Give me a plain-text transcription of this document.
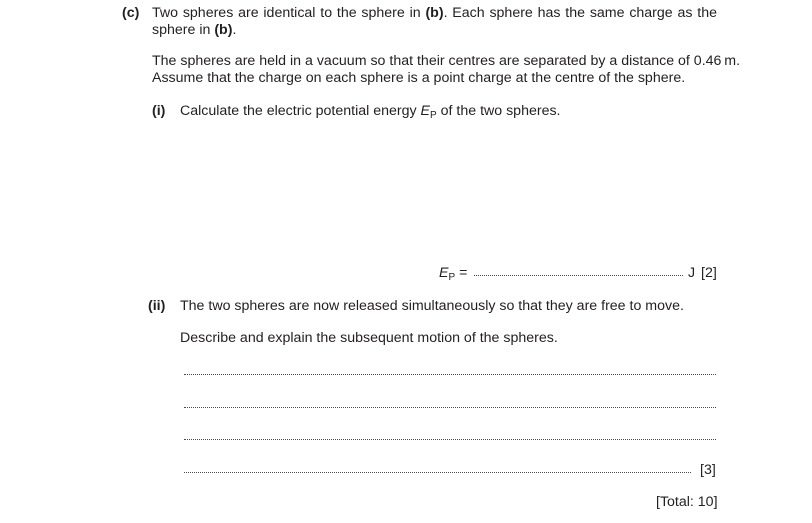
(c) Two spheres are identical to the sphere in (b). Each sphere has the same charge as the
sphere in (b).
The spheres are held in a vacuum so that their centres are separated by a distance of 0.46 m.
Assume that the charge on each sphere is a point charge at the centre of the sphere.
(i) Calculate the electric potential energy $E_P$ of the two spheres.
$E_P$ =	J [2]
(ii) The two spheres are now released simultaneously so that they are free to move.
Describe and explain the subsequent motion of the spheres.
[3]
[Total: 10]
